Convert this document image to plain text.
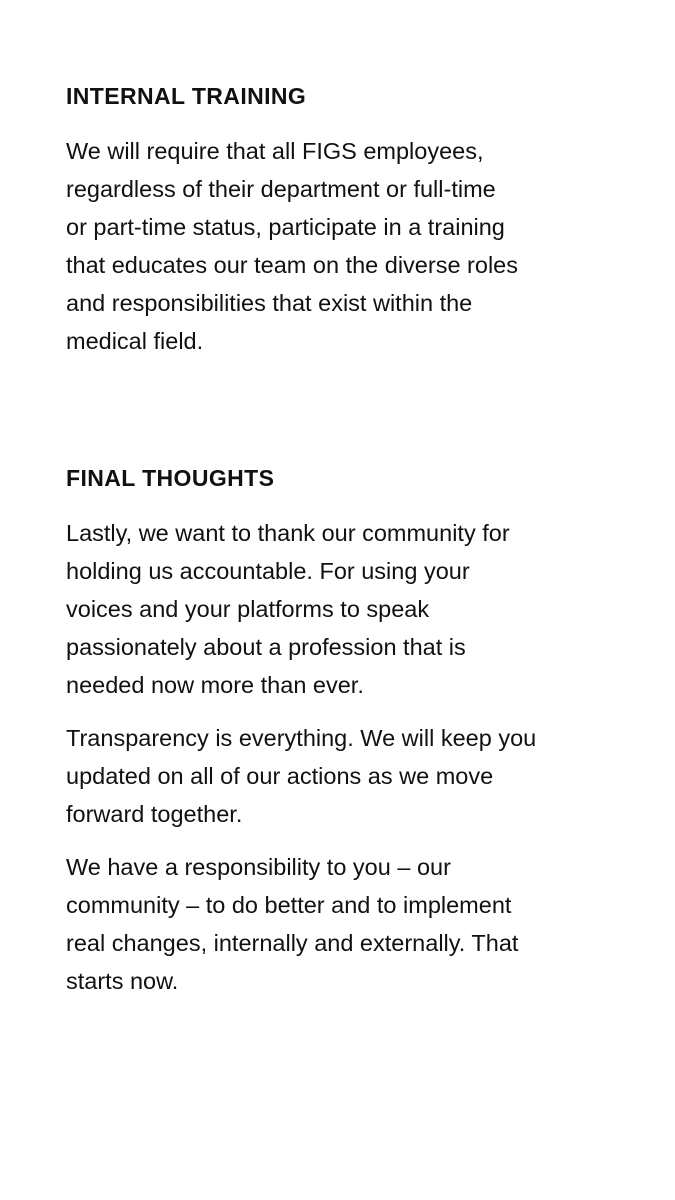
INTERNAL TRAINING

We will require that all FIGS employees,
regardless of their department or full-time
or part-time status, participate in a training
that educates our team on the diverse roles
and responsibilities that exist within the
medical field.

FINAL THOUGHTS

Lastly, we want to thank our community for
holding us accountable. For using your
voices and your platforms to speak
passionately about a profession that is
needed now more than ever.

Transparency is everything. We will keep you
updated on all of our actions as we move
forward together.

We have a responsibility to you – our
community – to do better and to implement
real changes, internally and externally. That
starts now.
